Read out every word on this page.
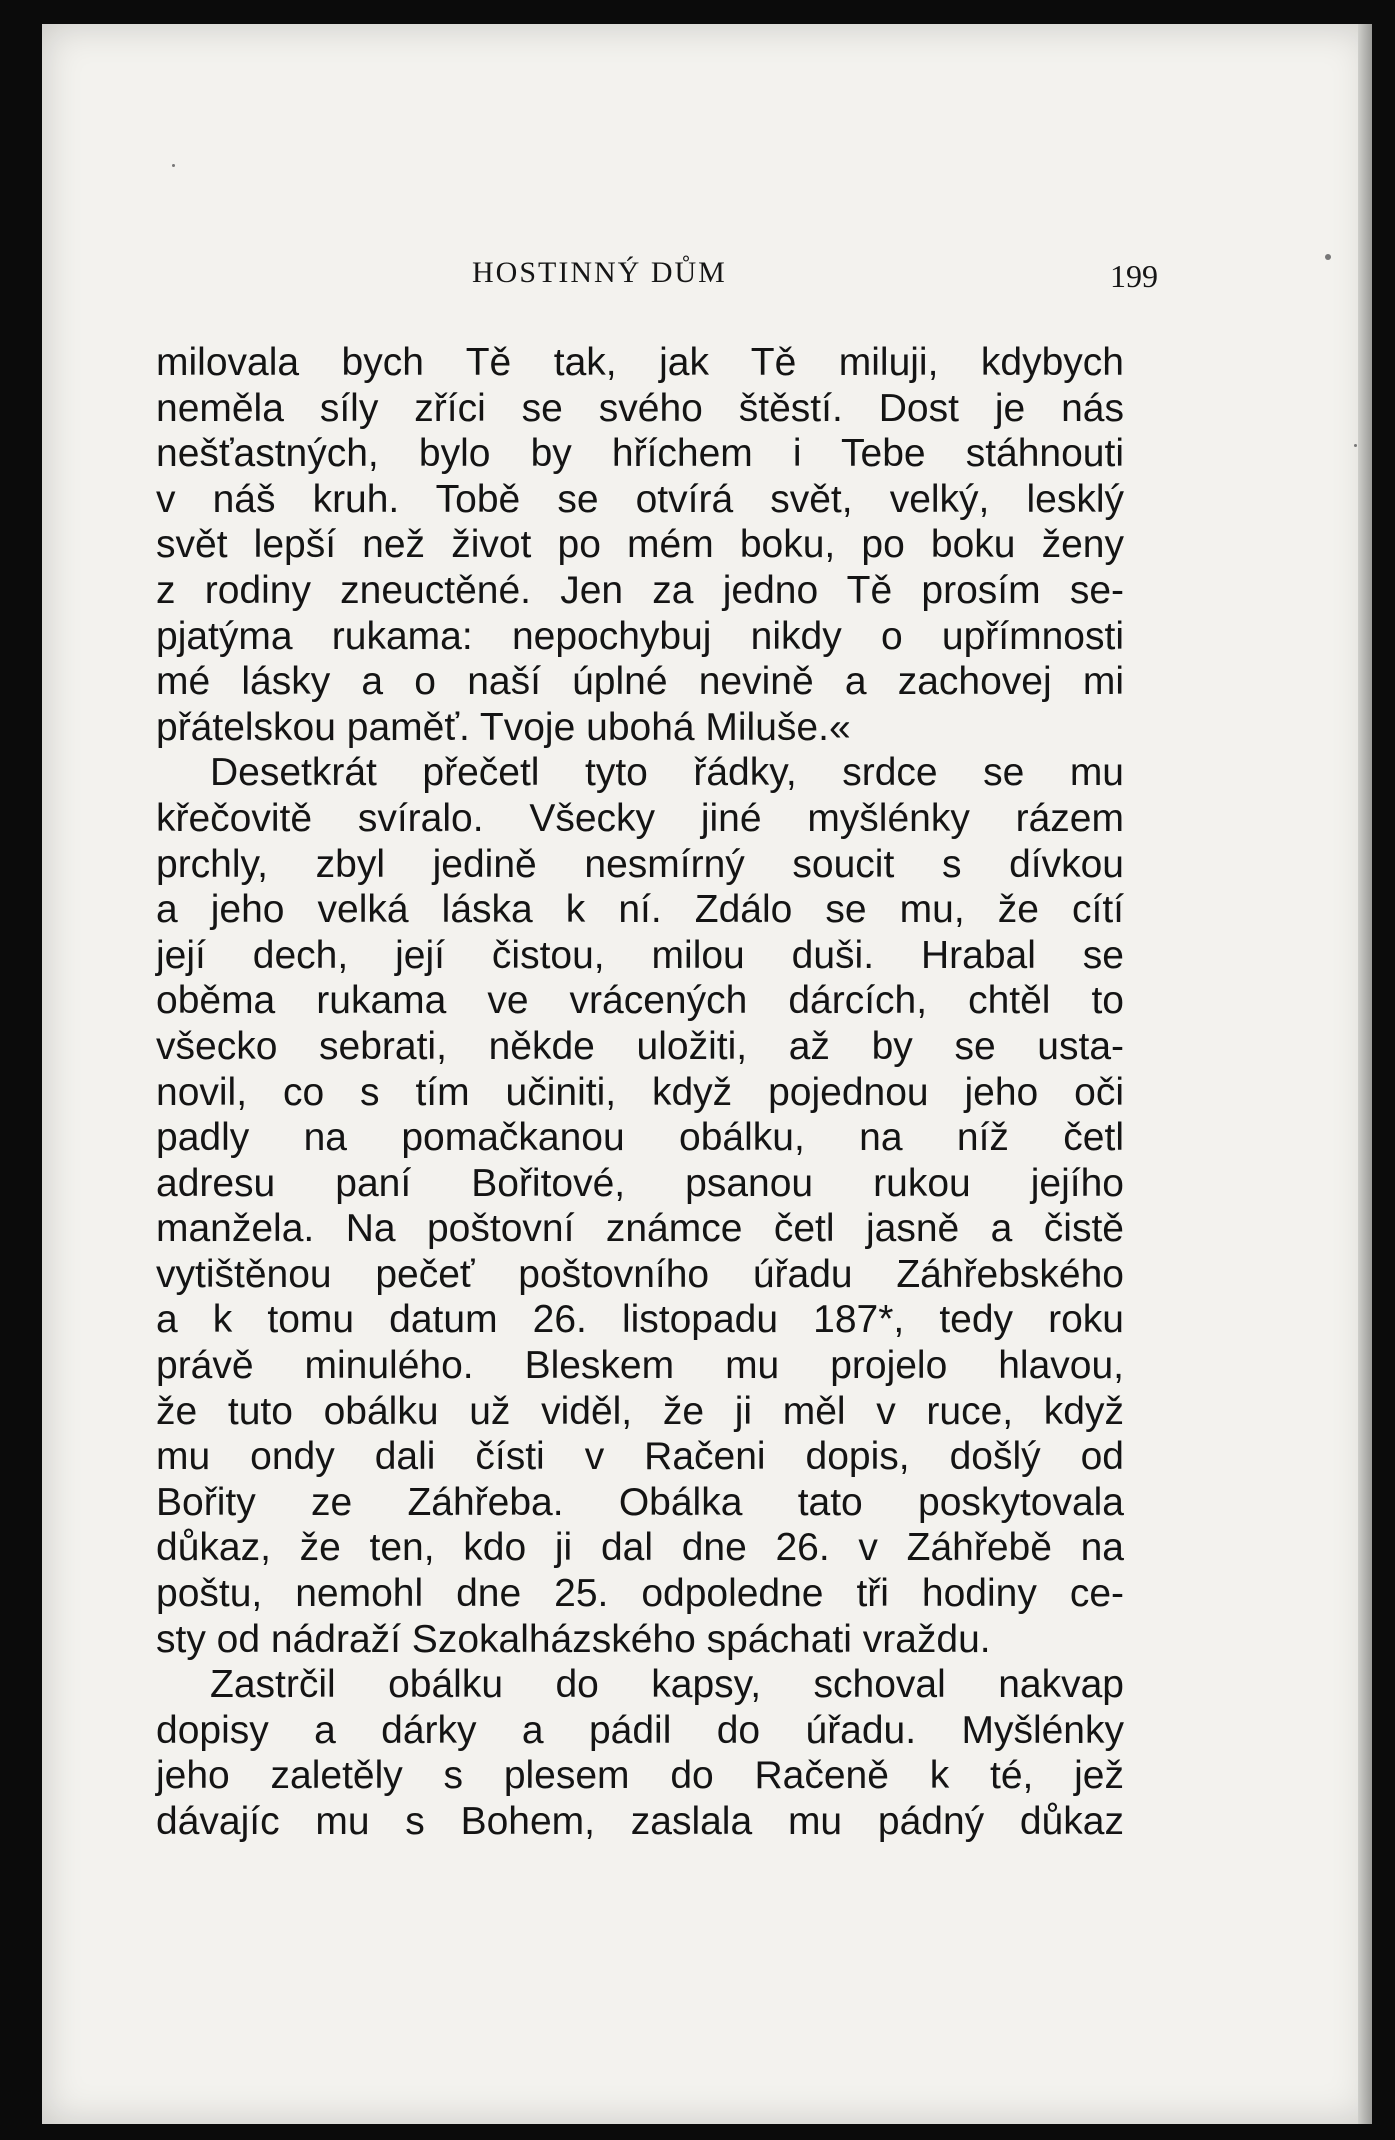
HOSTINNÝ DŮM	199
milovala bych Tě tak, jak Tě miluji, kdybych
neměla síly zříci se svého štěstí. Dost je nás
nešťastných, bylo by hříchem i Tebe stáhnouti
v náš kruh. Tobě se otvírá svět, velký, lesklý
svět lepší než život po mém boku, po boku ženy
z rodiny zneuctěné. Jen za jedno Tě prosím se-
pjatýma rukama: nepochybuj nikdy o upřímnosti
mé lásky a o naší úplné nevině a zachovej mi
přátelskou paměť. Tvoje ubohá Miluše.«
Desetkrát přečetl tyto řádky, srdce se mu
křečovitě svíralo. Všecky jiné myšlénky rázem
prchly, zbyl jedině nesmírný soucit s dívkou
a jeho velká láska k ní. Zdálo se mu, že cítí
její dech, její čistou, milou duši. Hrabal se
oběma rukama ve vrácených dárcích, chtěl to
všecko sebrati, někde uložiti, až by se usta-
novil, co s tím učiniti, když pojednou jeho oči
padly na pomačkanou obálku, na níž četl
adresu paní Bořitové, psanou rukou jejího
manžela. Na poštovní známce četl jasně a čistě
vytištěnou pečeť poštovního úřadu Záhřebského
a k tomu datum 26. listopadu 187*, tedy roku
právě minulého. Bleskem mu projelo hlavou,
že tuto obálku už viděl, že ji měl v ruce, když
mu ondy dali čísti v Račeni dopis, došlý od
Bořity ze Záhřeba. Obálka tato poskytovala
důkaz, že ten, kdo ji dal dne 26. v Záhřebě na
poštu, nemohl dne 25. odpoledne tři hodiny ce-
sty od nádraží Szokalházského spáchati vraždu.
Zastrčil obálku do kapsy, schoval nakvap
dopisy a dárky a pádil do úřadu. Myšlénky
jeho zaletěly s plesem do Račeně k té, jež
dávajíc mu s Bohem, zaslala mu pádný důkaz
